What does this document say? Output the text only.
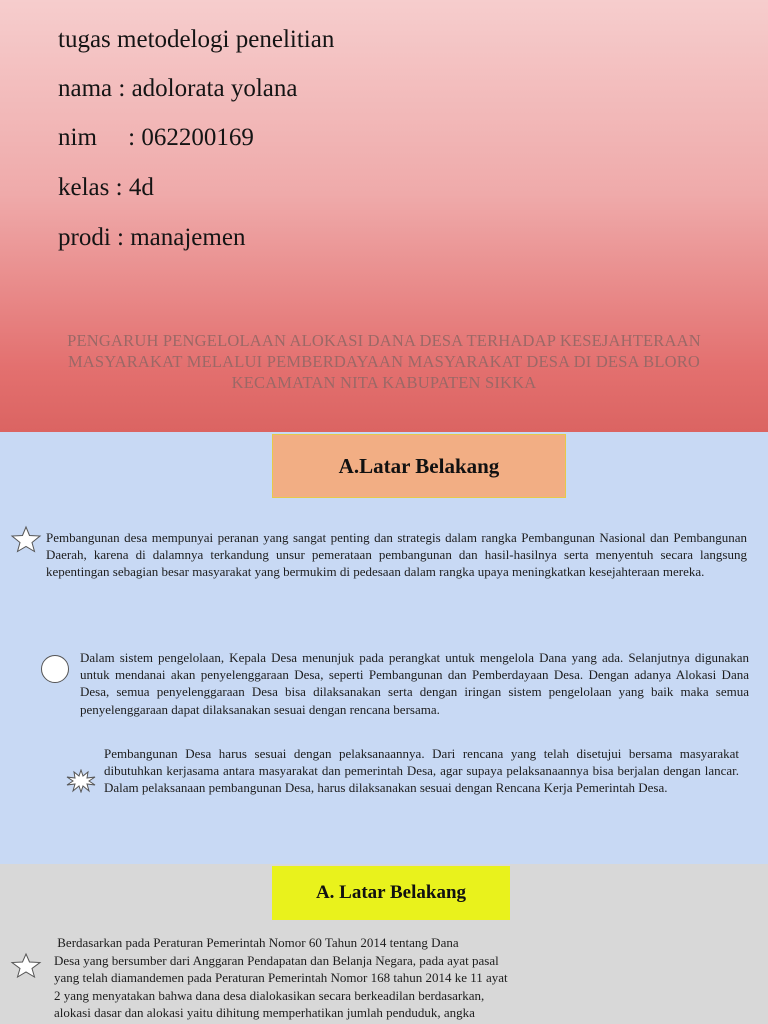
tugas metodelogi penelitian
nama : adolorata yolana
nim     : 062200169
kelas : 4d
prodi : manajemen
PENGARUH PENGELOLAAN ALOKASI DANA DESA TERHADAP KESEJAHTERAAN MASYARAKAT MELALUI PEMBERDAYAAN MASYARAKAT DESA DI DESA BLORO KECAMATAN NITA KABUPATEN SIKKA
A.Latar Belakang

Pembangunan desa mempunyai peranan yang sangat penting dan strategis dalam rangka Pembangunan Nasional dan Pembangunan Daerah, karena di dalamnya terkandung unsur pemerataan pembangunan dan hasil-hasilnya serta menyentuh secara langsung kepentingan sebagian besar masyarakat yang bermukim di pedesaan dalam rangka upaya meningkatkan kesejahteraan mereka.

Dalam sistem pengelolaan, Kepala Desa menunjuk pada perangkat untuk mengelola Dana yang ada. Selanjutnya digunakan untuk mendanai akan penyelenggaraan Desa, seperti Pembangunan dan Pemberdayaan Desa. Dengan adanya Alokasi Dana Desa, semua penyelenggaraan Desa bisa dilaksanakan serta dengan iringan sistem pengelolaan yang baik maka semua penyelenggaraan dapat dilaksanakan sesuai dengan rencana bersama.

Pembangunan Desa harus sesuai dengan pelaksanaannya. Dari rencana yang telah disetujui bersama masyarakat dibutuhkan kerjasama antara masyarakat dan pemerintah Desa, agar supaya pelaksanaannya bisa berjalan dengan lancar. Dalam pelaksanaan pembangunan Desa, harus dilaksanakan sesuai dengan Rencana Kerja Pemerintah Desa.

A. Latar Belakang
Berdasarkan pada Peraturan Pemerintah Nomor 60 Tahun 2014 tentang Dana
Desa yang bersumber dari Anggaran Pendapatan dan Belanja Negara, pada ayat pasal
yang telah diamandemen pada Peraturan Pemerintah Nomor 168 tahun 2014 ke 11 ayat
2 yang menyatakan bahwa dana desa dialokasikan secara berkeadilan berdasarkan,
alokasi dasar dan alokasi yaitu dihitung memperhatikan jumlah penduduk, angka
